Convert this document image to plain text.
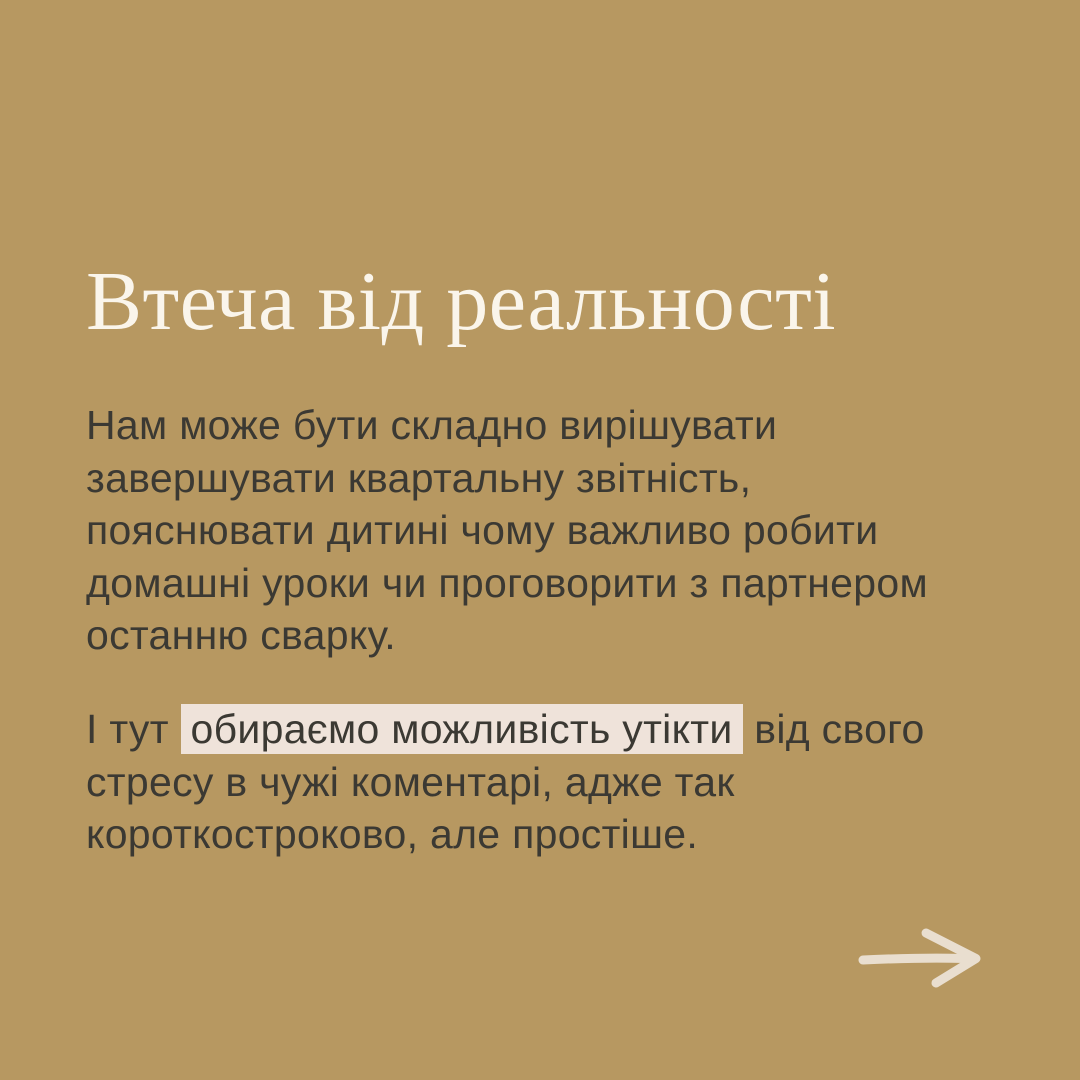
Втеча від реальності
Нам може бути складно вирішувати
завершувати квартальну звітність,
пояснювати дитині чому важливо робити
домашні уроки чи проговорити з партнером
останню сварку.
І тут обираємо можливість утікти від свого
стресу в чужі коментарі, адже так
короткостроково, але простіше.
